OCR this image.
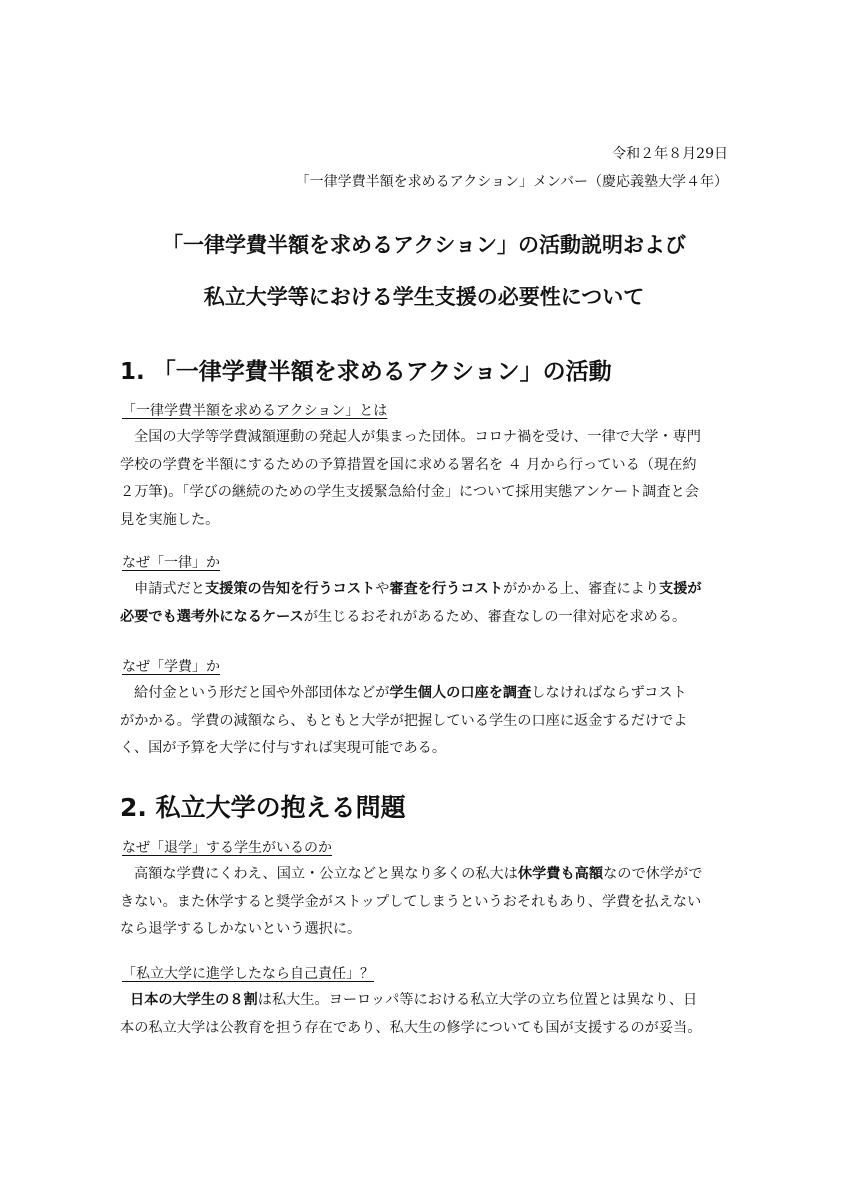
令和２年８月29日
「一律学費半額を求めるアクション」メンバー（慶応義塾大学４年）
「一律学費半額を求めるアクション」の活動説明および
私立大学等における学生支援の必要性について
1. 「一律学費半額を求めるアクション」の活動
「一律学費半額を求めるアクション」とは
全国の大学等学費減額運動の発起人が集まった団体。コロナ禍を受け、一律で大学・専門
学校の学費を半額にするための予算措置を国に求める署名を ４ 月から行っている（現在約
２万筆)。「学びの継続のための学生支援緊急給付金」について採用実態アンケート調査と会
見を実施した。
なぜ「一律」か
申請式だと支援策の告知を行うコストや審査を行うコストがかかる上、審査により支援が
必要でも選考外になるケースが生じるおそれがあるため、審査なしの一律対応を求める。
なぜ「学費」か
給付金という形だと国や外部団体などが学生個人の口座を調査しなければならずコスト
がかかる。学費の減額なら、もともと大学が把握している学生の口座に返金するだけでよ
く、国が予算を大学に付与すれば実現可能である。
2. 私立大学の抱える問題
なぜ「退学」する学生がいるのか
高額な学費にくわえ、国立・公立などと異なり多くの私大は休学費も高額なので休学がで
きない。また休学すると奨学金がストップしてしまうというおそれもあり、学費を払えない
なら退学するしかないという選択に。
「私立大学に進学したなら自己責任」？
日本の大学生の８割は私大生。ヨーロッパ等における私立大学の立ち位置とは異なり、日
本の私立大学は公教育を担う存在であり、私大生の修学についても国が支援するのが妥当。
